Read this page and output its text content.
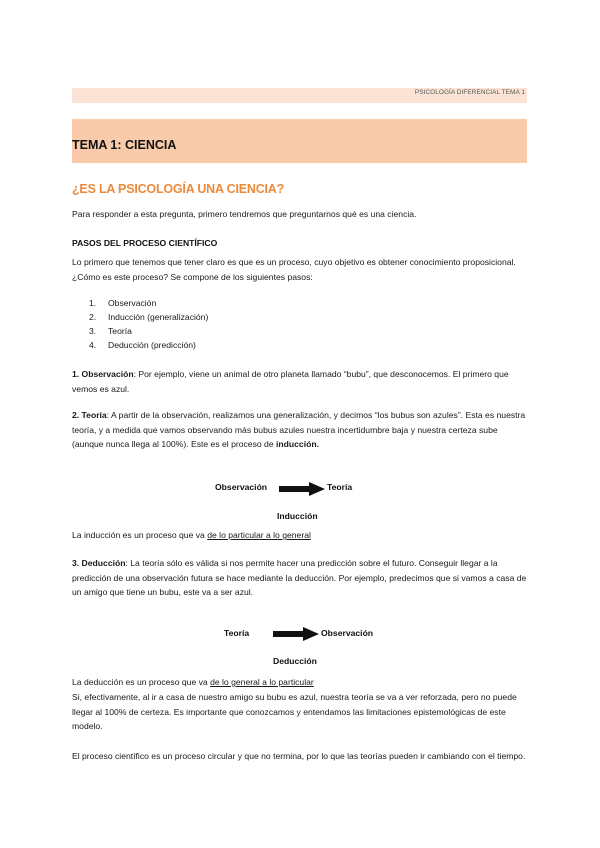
PSICOLOGÍA DIFERENCIAL TEMA 1
TEMA 1: CIENCIA
¿ES LA PSICOLOGÍA UNA CIENCIA?
Para responder a esta pregunta, primero tendremos que preguntarnos qué es una ciencia.
PASOS DEL PROCESO CIENTÍFICO
Lo primero que tenemos que tener claro es que es un proceso, cuyo objetivo es obtener conocimiento proposicional. ¿Cómo es este proceso? Se compone de los siguientes pasos:
1. Observación
2. Inducción (generalización)
3. Teoría
4. Deducción (predicción)
1. Observación: Por ejemplo, viene un animal de otro planeta llamado “bubu”, que desconocemos. El primero que vemos es azul.
2. Teoría: A partir de la observación, realizamos una generalización, y decimos “los bubus son azules”. Esta es nuestra teoría, y a medida que vamos observando más bubus azules nuestra incertidumbre baja y nuestra certeza sube (aunque nunca llega al 100%). Este es el proceso de inducción.
Observación	Teoría
Inducción
La inducción es un proceso que va de lo particular a lo general
3. Deducción: La teoría sólo es válida si nos permite hacer una predicción sobre el futuro. Conseguir llegar a la predicción de una observación futura se hace mediante la deducción. Por ejemplo, predecimos que si vamos a casa de un amigo que tiene un bubu, este va a ser azul.
Teoría	Observación
Deducción
La deducción es un proceso que va de lo general a lo particular
Si, efectivamente, al ir a casa de nuestro amigo su bubu es azul, nuestra teoría se va a ver reforzada, pero no puede llegar al 100% de certeza. Es importante que conozcamos y entendamos las limitaciones epistemológicas de este modelo.
El proceso científico es un proceso circular y que no termina, por lo que las teorías pueden ir cambiando con el tiempo.
